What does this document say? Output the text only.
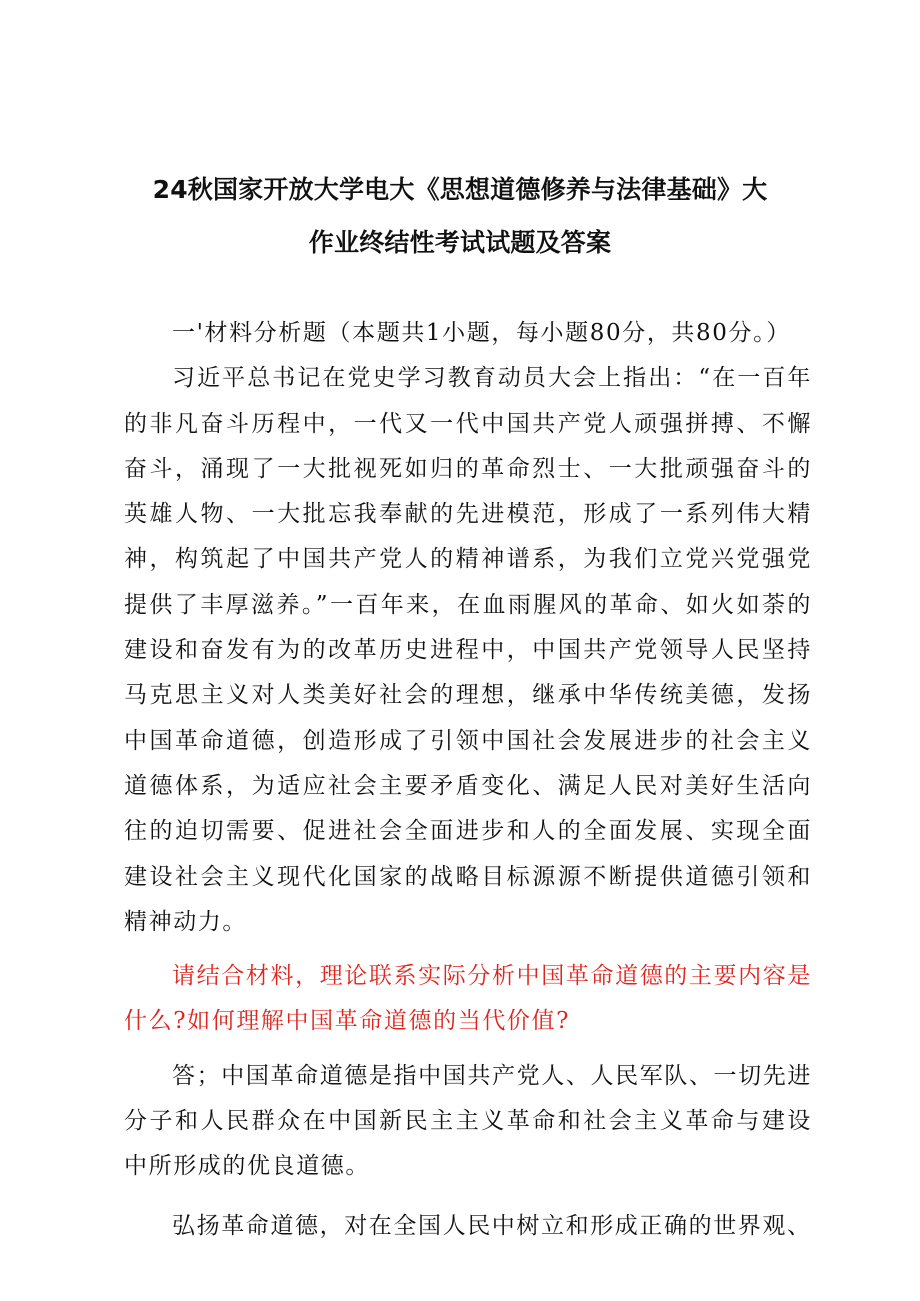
24秋国家开放大学电大《思想道德修养与法律基础》大
作业终结性考试试题及答案

一'材料分析题（本题共1小题，每小题80分，共80分。）

习近平总书记在党史学习教育动员大会上指出：“在一百年的非凡奋斗历程中，一代又一代中国共产党人顽强拼搏、不懈奋斗，涌现了一大批视死如归的革命烈士、一大批顽强奋斗的英雄人物、一大批忘我奉献的先进模范，形成了一系列伟大精神，构筑起了中国共产党人的精神谱系，为我们立党兴党强党提供了丰厚滋养。”一百年来，在血雨腥风的革命、如火如荼的建设和奋发有为的改革历史进程中，中国共产党领导人民坚持马克思主义对人类美好社会的理想，继承中华传统美德，发扬中国革命道德，创造形成了引领中国社会发展进步的社会主义道德体系，为适应社会主要矛盾变化、满足人民对美好生活向往的迫切需要、促进社会全面进步和人的全面发展、实现全面建设社会主义现代化国家的战略目标源源不断提供道德引领和精神动力。

请结合材料，理论联系实际分析中国革命道德的主要内容是什么?如何理解中国革命道德的当代价值?

答；中国革命道德是指中国共产党人、人民军队、一切先进分子和人民群众在中国新民主主义革命和社会主义革命与建设中所形成的优良道德。

弘扬革命道德，对在全国人民中树立和形成正确的世界观、
